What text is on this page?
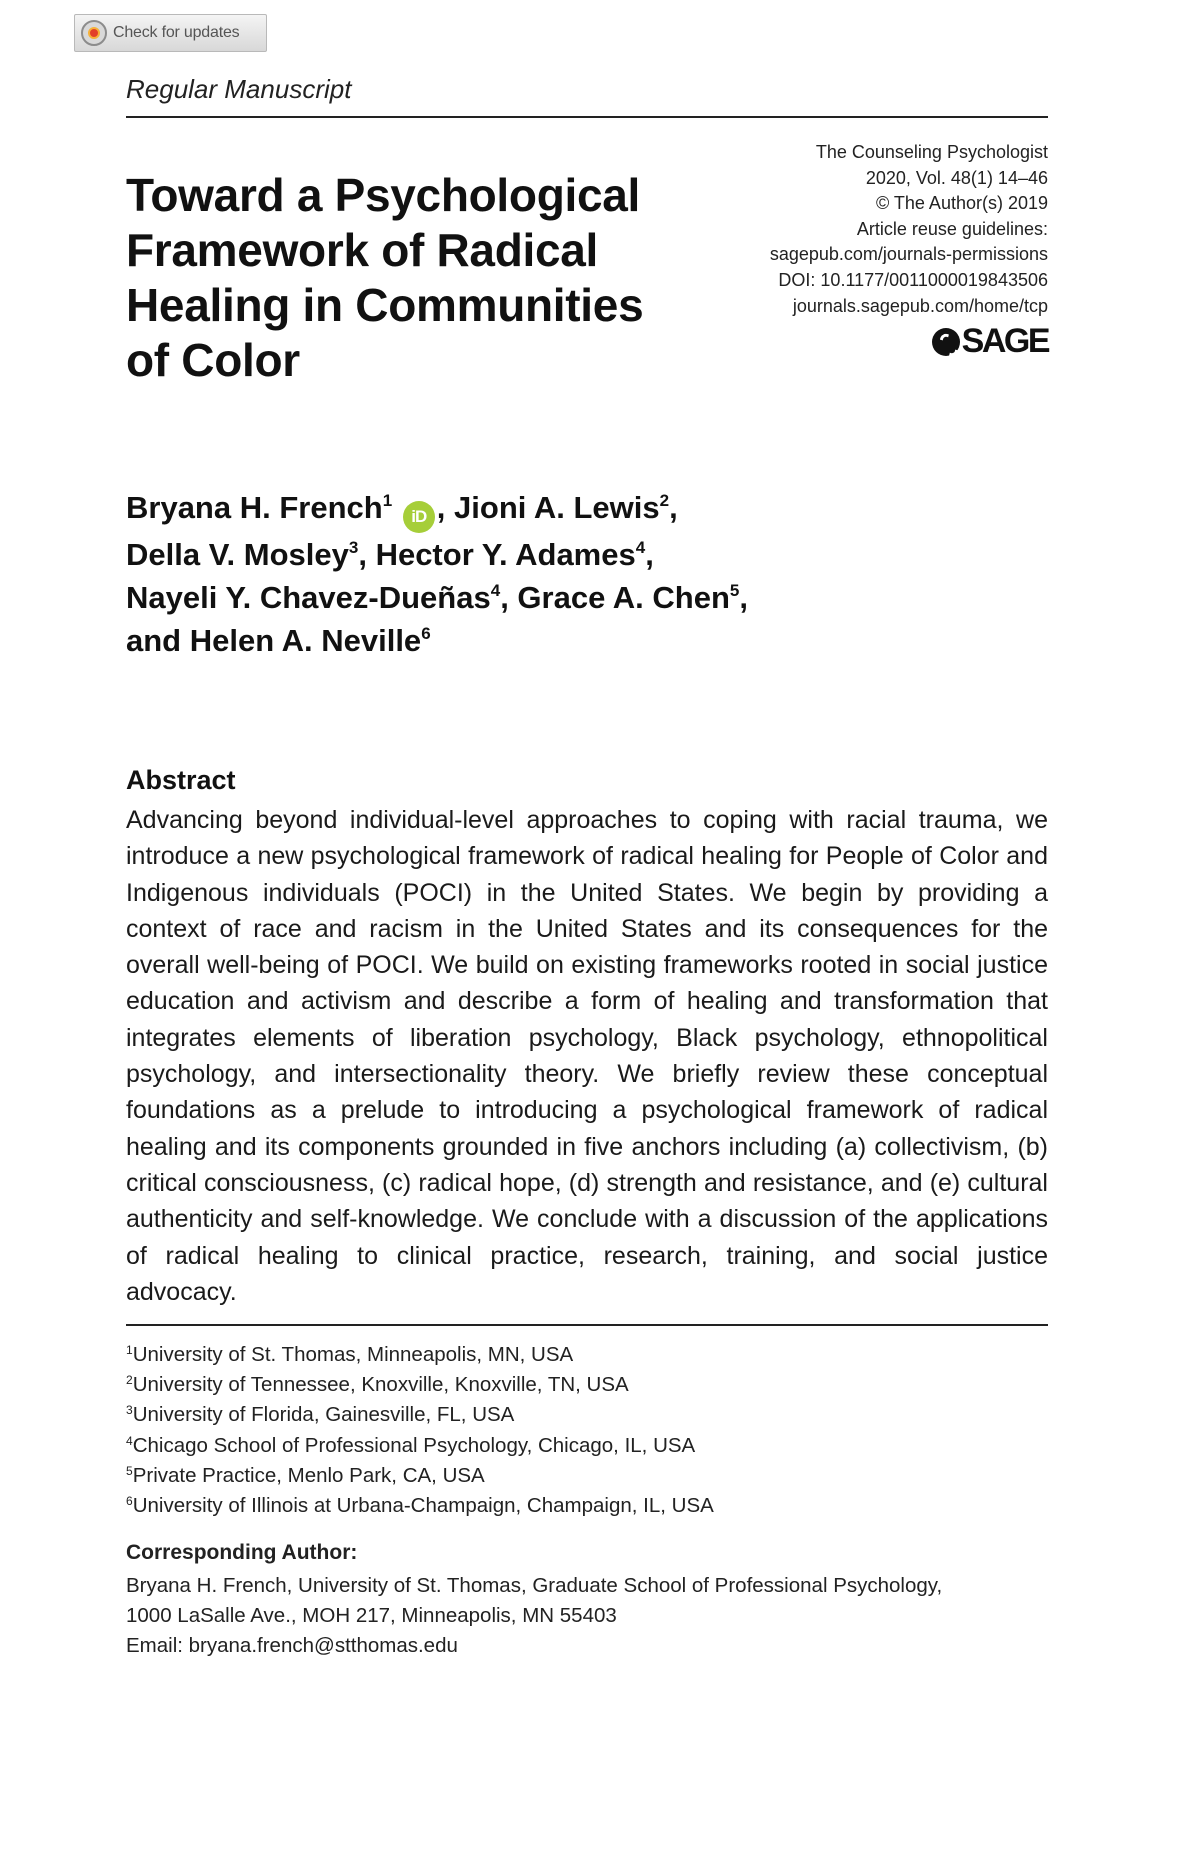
Check for updates
Regular Manuscript
Toward a Psychological
Framework of Radical
Healing in Communities
of Color
The Counseling Psychologist
2020, Vol. 48(1) 14–46
© The Author(s) 2019
Article reuse guidelines:
sagepub.com/journals-permissions
DOI: 10.1177/0011000019843506
journals.sagepub.com/home/tcp
SAGE
Bryana H. French$^1$ iD , Jioni A. Lewis$^2$,
Della V. Mosley$^3$, Hector Y. Adames$^4$,
Nayeli Y. Chavez-Dueñas$^4$, Grace A. Chen$^5$,
and Helen A. Neville$^6$
Abstract
Advancing beyond individual-level approaches to coping with racial trauma, we introduce a new psychological framework of radical healing for People of Color and Indigenous individuals (POCI) in the United States. We begin by providing a context of race and racism in the United States and its consequences for the overall well-being of POCI. We build on existing frameworks rooted in social justice education and activism and describe a form of healing and transformation that integrates elements of liberation psychology, Black psychology, ethnopolitical psychology, and intersectionality theory. We briefly review these conceptual foundations as a prelude to introducing a psychological framework of radical healing and its components grounded in five anchors including (a) collectivism, (b) critical consciousness, (c) radical hope, (d) strength and resistance, and (e) cultural authenticity and self-knowledge. We conclude with a discussion of the applications of radical healing to clinical practice, research, training, and social justice advocacy.
$^1$University of St. Thomas, Minneapolis, MN, USA
$^2$University of Tennessee, Knoxville, Knoxville, TN, USA
$^3$University of Florida, Gainesville, FL, USA
$^4$Chicago School of Professional Psychology, Chicago, IL, USA
$^5$Private Practice, Menlo Park, CA, USA
$^6$University of Illinois at Urbana-Champaign, Champaign, IL, USA
Corresponding Author:
Bryana H. French, University of St. Thomas, Graduate School of Professional Psychology,
1000 LaSalle Ave., MOH 217, Minneapolis, MN 55403
Email: bryana.french@stthomas.edu
